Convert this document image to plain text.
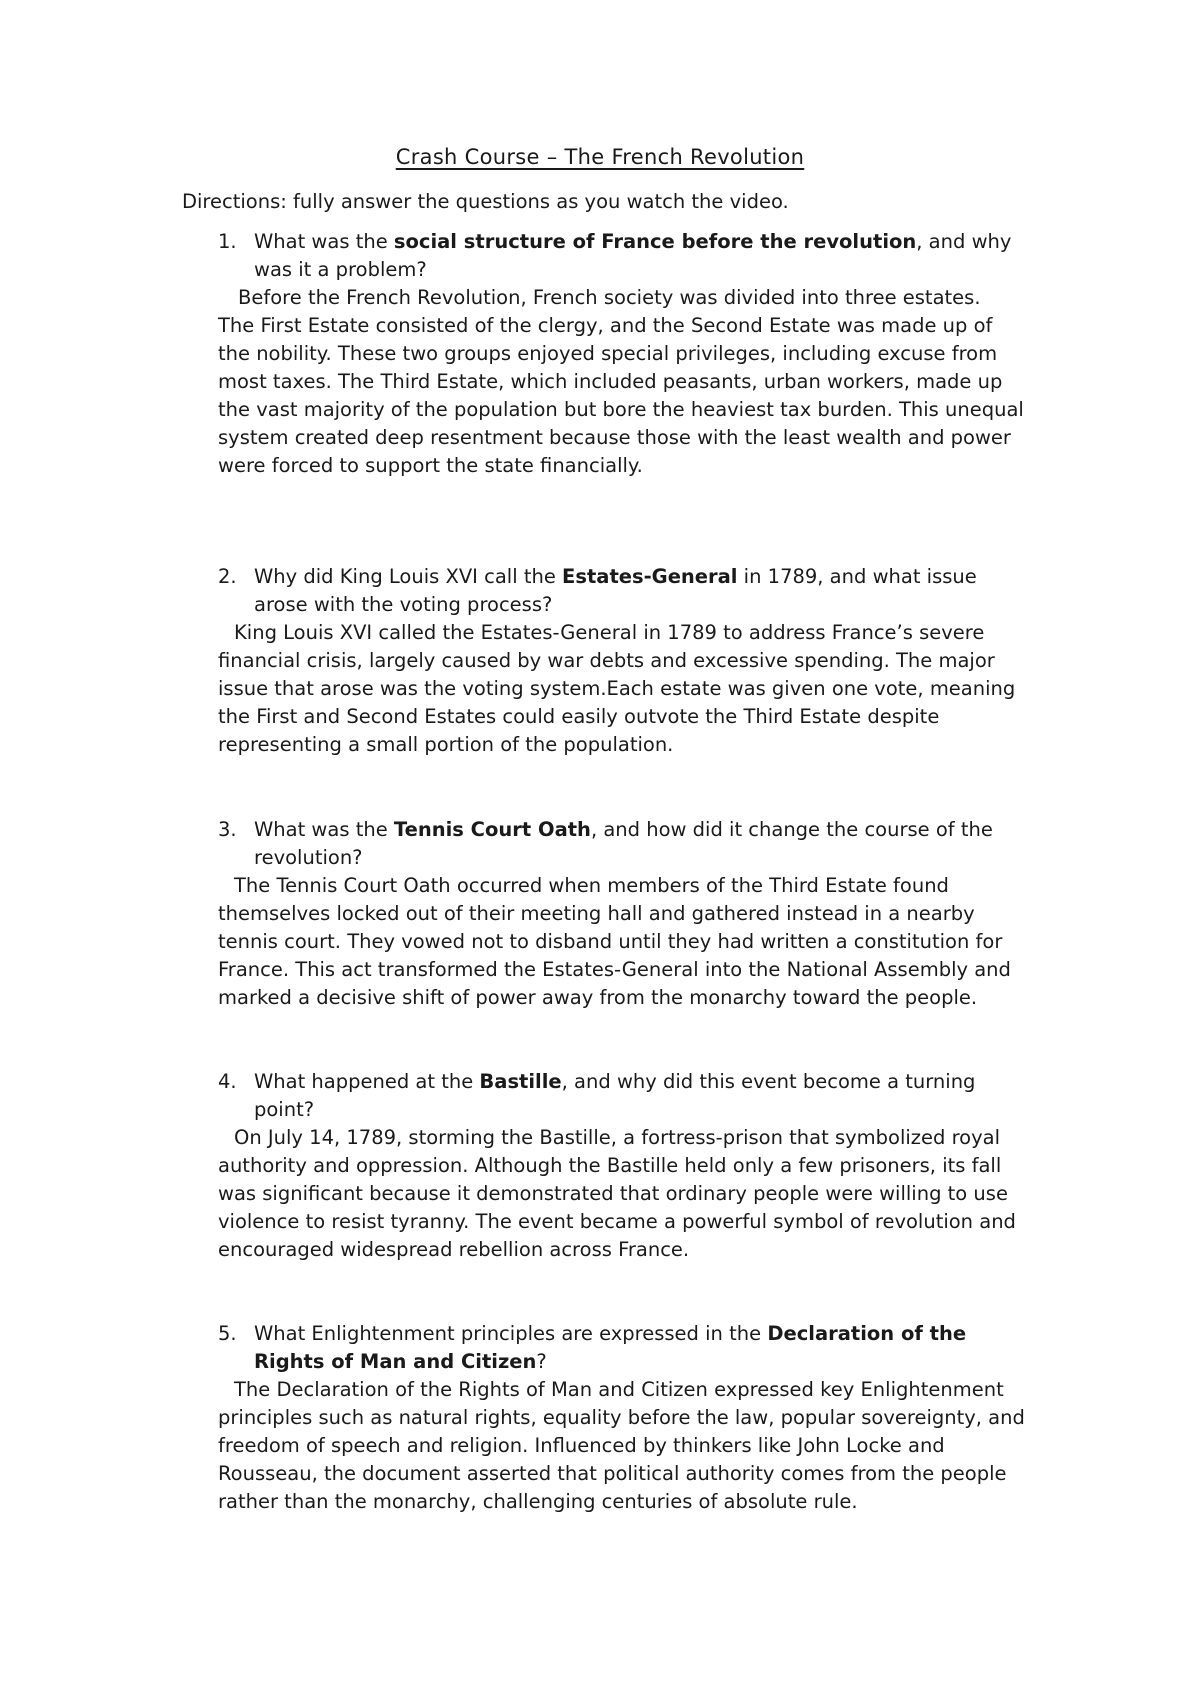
Crash Course – The French Revolution
Directions: fully answer the questions as you watch the video.
1. What was the social structure of France before the revolution, and why was it a problem?

Before the French Revolution, French society was divided into three estates.

The First Estate consisted of the clergy, and the Second Estate was made up of the nobility. These two groups enjoyed special privileges, including excuse from most taxes. The Third Estate, which included peasants, urban workers, made up the vast majority of the population but bore the heaviest tax burden. This unequal system created deep resentment because those with the least wealth and power were forced to support the state financially.

2. Why did King Louis XVI call the Estates-General in 1789, and what issue arose with the voting process?

King Louis XVI called the Estates-General in 1789 to address France’s severe financial crisis, largely caused by war debts and excessive spending. The major issue that arose was the voting system.Each estate was given one vote, meaning the First and Second Estates could easily outvote the Third Estate despite representing a small portion of the population.

3. What was the Tennis Court Oath, and how did it change the course of the revolution?

The Tennis Court Oath occurred when members of the Third Estate found themselves locked out of their meeting hall and gathered instead in a nearby tennis court. They vowed not to disband until they had written a constitution for France. This act transformed the Estates-General into the National Assembly and marked a decisive shift of power away from the monarchy toward the people.

4. What happened at the Bastille, and why did this event become a turning point?

On July 14, 1789, storming the Bastille, a fortress-prison that symbolized royal authority and oppression. Although the Bastille held only a few prisoners, its fall was significant because it demonstrated that ordinary people were willing to use violence to resist tyranny. The event became a powerful symbol of revolution and encouraged widespread rebellion across France.

5. What Enlightenment principles are expressed in the Declaration of the Rights of Man and Citizen?

The Declaration of the Rights of Man and Citizen expressed key Enlightenment principles such as natural rights, equality before the law, popular sovereignty, and freedom of speech and religion. Influenced by thinkers like John Locke and Rousseau, the document asserted that political authority comes from the people rather than the monarchy, challenging centuries of absolute rule.
